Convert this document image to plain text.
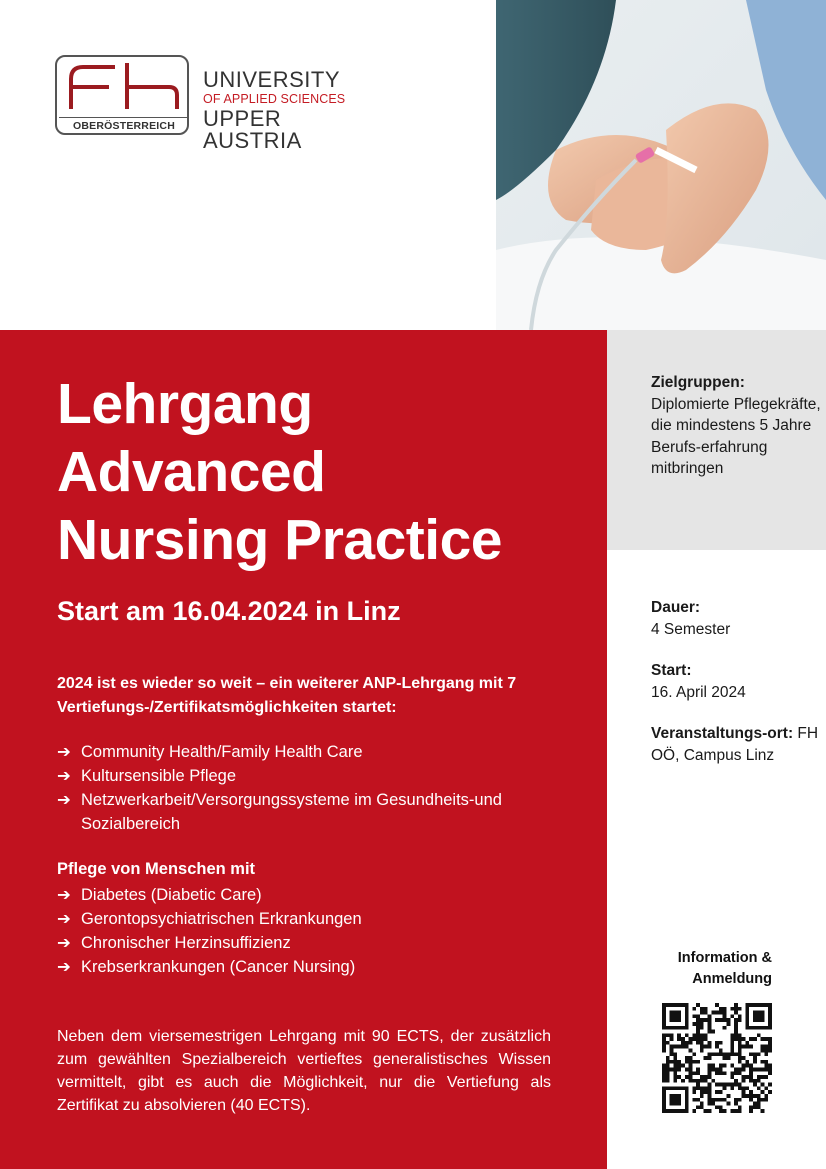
OBERÖSTERREICH
UNIVERSITY
OF APPLIED SCIENCES
UPPER AUSTRIA
Lehrgang
Advanced
Nursing Practice

Start am 16.04.2024 in Linz

2024 ist es wieder so weit – ein weiterer ANP-Lehrgang mit 7 Vertiefungs-/Zertifikatsmöglichkeiten startet:

➔ Community Health/Family Health Care
➔ Kultursensible Pflege
➔ Netzwerkarbeit/Versorgungssysteme im Gesundheits-und Sozialbereich

Pflege von Menschen mit

➔ Diabetes (Diabetic Care)
➔ Gerontopsychiatrischen Erkrankungen
➔ Chronischer Herzinsuffizienz
➔ Krebserkrankungen (Cancer Nursing)

Neben dem viersemestrigen Lehrgang mit 90 ECTS, der zusätzlich zum gewählten Spezialbereich vertieftes generalistisches Wissen vermittelt, gibt es auch die Möglichkeit, nur die Vertiefung als Zertifikat zu absolvieren (40 ECTS).

Zielgruppen:
Diplomierte Pflegekräfte, die mindestens 5 Jahre Berufs-erfahrung mitbringen
Dauer:
4 Semester
Start:
16. April 2024
Veranstaltungs-ort: FH OÖ, Campus Linz
Information &
Anmeldung
